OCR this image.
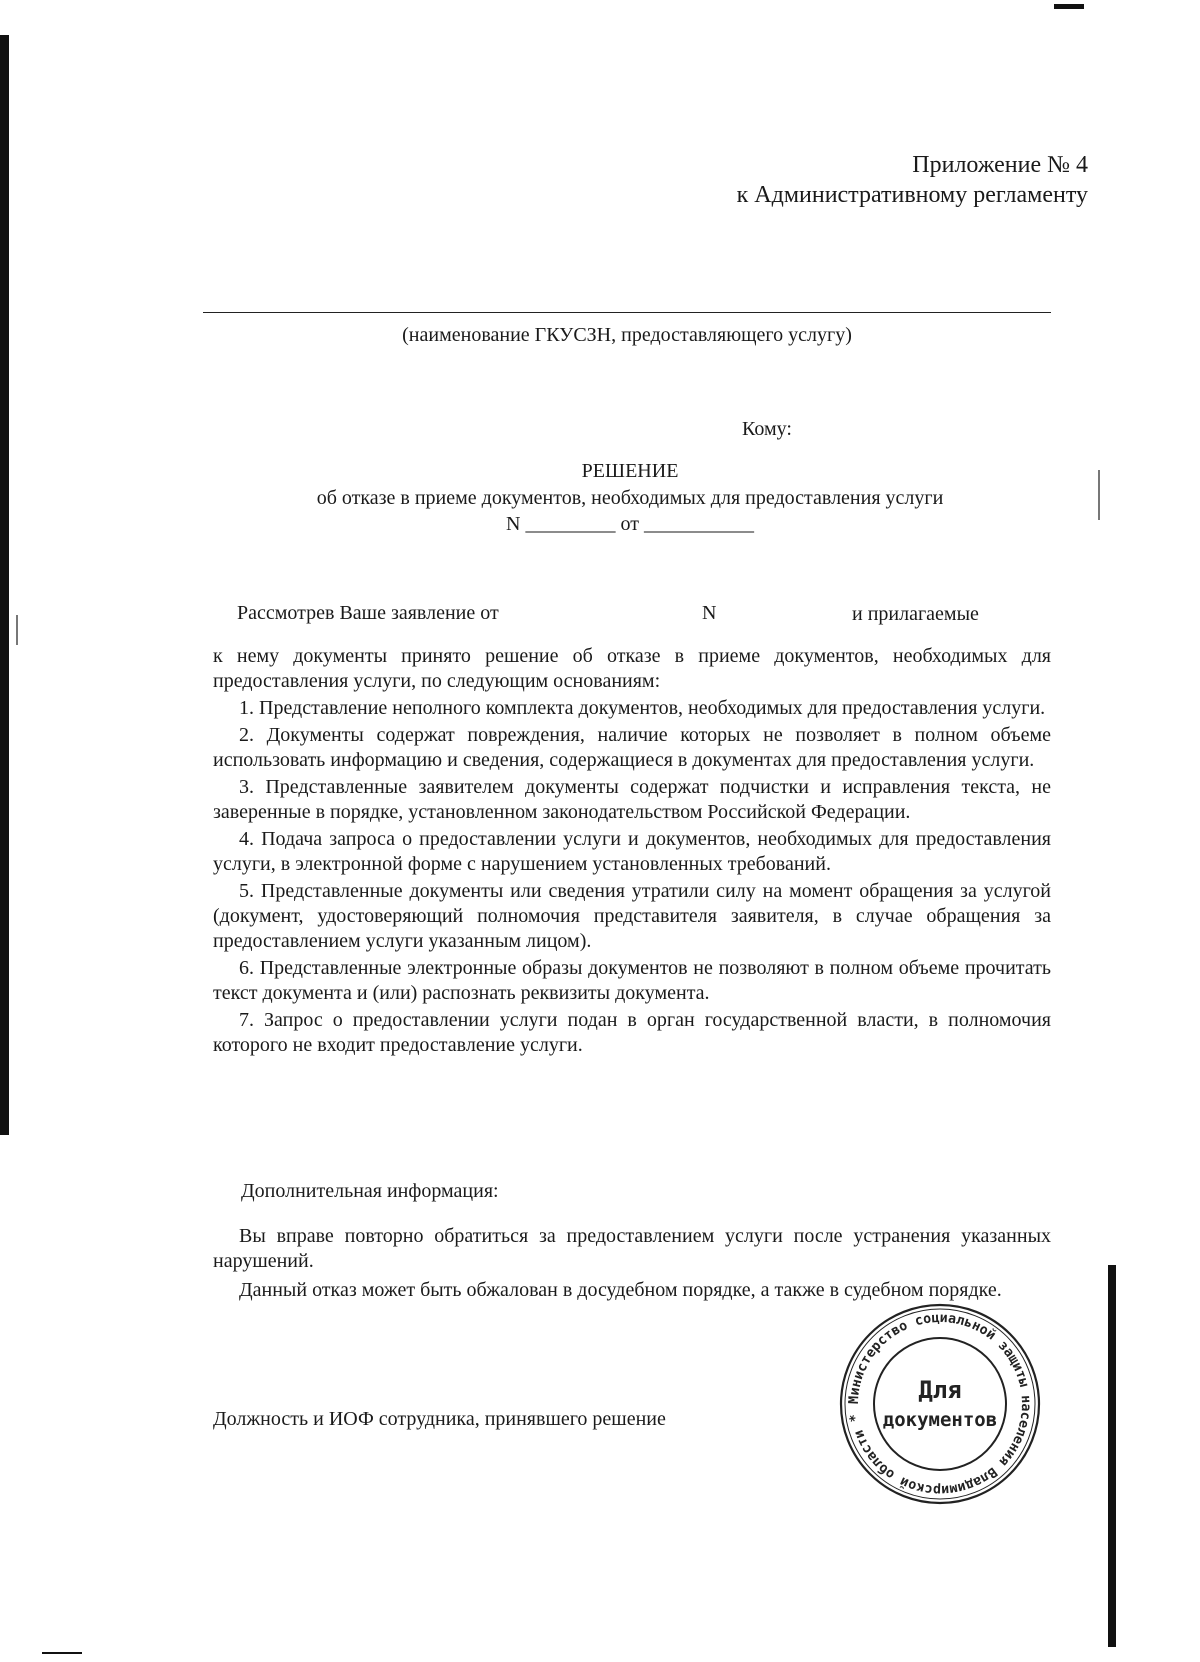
Приложение № 4
к Административному регламенту
(наименование ГКУСЗН, предоставляющего услугу)
Кому:
РЕШЕНИЕ
об отказе в приеме документов, необходимых для предоставления услуги
N _________ от ___________
Рассмотрев Ваше заявление от	N	и прилагаемые
к нему документы принято решение об отказе в приеме документов, необходимых для предоставления услуги, по следующим основаниям:
1. Представление неполного комплекта документов, необходимых для предоставления услуги.
2. Документы содержат повреждения, наличие которых не позволяет в полном объеме использовать информацию и сведения, содержащиеся в документах для предоставления услуги.
3. Представленные заявителем документы содержат подчистки и исправления текста, не заверенные в порядке, установленном законодательством Российской Федерации.
4. Подача запроса о предоставлении услуги и документов, необходимых для предоставления услуги, в электронной форме с нарушением установленных требований.
5. Представленные документы или сведения утратили силу на момент обращения за услугой (документ, удостоверяющий полномочия представителя заявителя, в случае обращения за предоставлением услуги указанным лицом).
6. Представленные электронные образы документов не позволяют в полном объеме прочитать текст документа и (или) распознать реквизиты документа.
7. Запрос о предоставлении услуги подан в орган государственной власти, в полномочия которого не входит предоставление услуги.
Дополнительная информация:
Вы вправе повторно обратиться за предоставлением услуги после устранения указанных нарушений.
Данный отказ может быть обжалован в досудебном порядке, а также в судебном порядке.
Должность и ИОФ сотрудника, принявшего решение
Министерство социальной защиты населения Владимирской области *
Для
документов
